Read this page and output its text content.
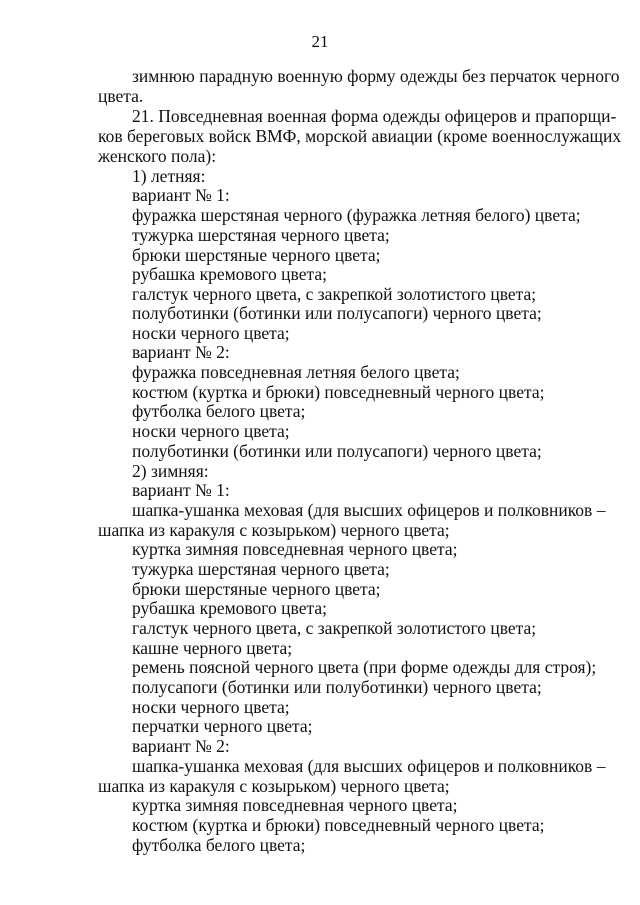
21
зимнюю парадную военную форму одежды без перчаток черного
цвета.
21. Повседневная военная форма одежды офицеров и прапорщи-
ков береговых войск ВМФ, морской авиации (кроме военнослужащих
женского пола):
1) летняя:
вариант № 1:
фуражка шерстяная черного (фуражка летняя белого) цвета;
тужурка шерстяная черного цвета;
брюки шерстяные черного цвета;
рубашка кремового цвета;
галстук черного цвета, с закрепкой золотистого цвета;
полуботинки (ботинки или полусапоги) черного цвета;
носки черного цвета;
вариант № 2:
фуражка повседневная летняя белого цвета;
костюм (куртка и брюки) повседневный черного цвета;
футболка белого цвета;
носки черного цвета;
полуботинки (ботинки или полусапоги) черного цвета;
2) зимняя:
вариант № 1:
шапка-ушанка меховая (для высших офицеров и полковников –
шапка из каракуля с козырьком) черного цвета;
куртка зимняя повседневная черного цвета;
тужурка шерстяная черного цвета;
брюки шерстяные черного цвета;
рубашка кремового цвета;
галстук черного цвета, с закрепкой золотистого цвета;
кашне черного цвета;
ремень поясной черного цвета (при форме одежды для строя);
полусапоги (ботинки или полуботинки) черного цвета;
носки черного цвета;
перчатки черного цвета;
вариант № 2:
шапка-ушанка меховая (для высших офицеров и полковников –
шапка из каракуля с козырьком) черного цвета;
куртка зимняя повседневная черного цвета;
костюм (куртка и брюки) повседневный черного цвета;
футболка белого цвета;
